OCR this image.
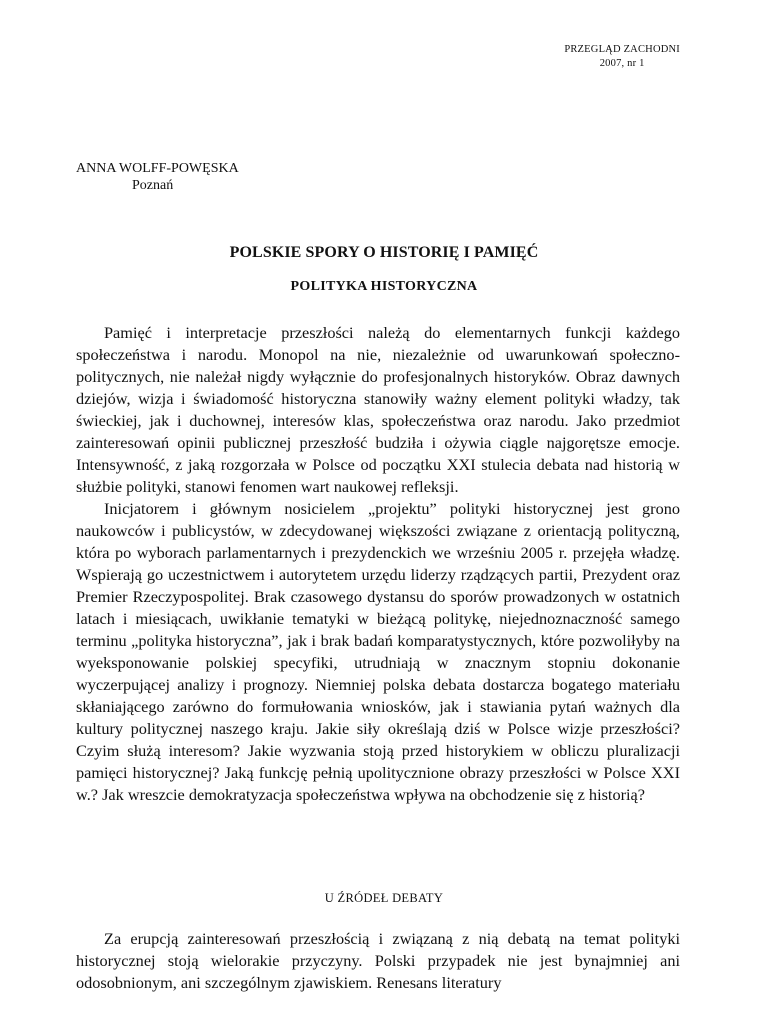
PRZEGLĄD ZACHODNI
2007, nr 1
ANNA WOLFF-POWĘSKA
Poznań
POLSKIE SPORY O HISTORIĘ I PAMIĘĆ
POLITYKA HISTORYCZNA

Pamięć i interpretacje przeszłości należą do elementarnych funkcji każdego społeczeństwa i narodu. Monopol na nie, niezależnie od uwarunkowań społeczno-politycznych, nie należał nigdy wyłącznie do profesjonalnych historyków. Obraz dawnych dziejów, wizja i świadomość historyczna stanowiły ważny element polityki władzy, tak świeckiej, jak i duchownej, interesów klas, społeczeństwa oraz narodu. Jako przedmiot zainteresowań opinii publicznej przeszłość budziła i ożywia ciągle najgorętsze emocje. Intensywność, z jaką rozgorzała w Polsce od początku XXI stulecia debata nad historią w służbie polityki, stanowi fenomen wart naukowej refleksji.

Inicjatorem i głównym nosicielem „projektu” polityki historycznej jest grono naukowców i publicystów, w zdecydowanej większości związane z orientacją polityczną, która po wyborach parlamentarnych i prezydenckich we wrześniu 2005 r. przejęła władzę. Wspierają go uczestnictwem i autorytetem urzędu liderzy rządzących partii, Prezydent oraz Premier Rzeczypospolitej. Brak czasowego dystansu do sporów prowadzonych w ostatnich latach i miesiącach, uwikłanie tematyki w bieżącą politykę, niejednoznaczność samego terminu „polityka historyczna”, jak i brak badań komparatystycznych, które pozwoliłyby na wyeksponowanie polskiej specyfiki, utrudniają w znacznym stopniu dokonanie wyczerpującej analizy i prognozy. Niemniej polska debata dostarcza bogatego materiału skłaniającego zarówno do formułowania wniosków, jak i stawiania pytań ważnych dla kultury politycznej naszego kraju. Jakie siły określają dziś w Polsce wizje przeszłości? Czyim służą interesom? Jakie wyzwania stoją przed historykiem w obliczu pluralizacji pamięci historycznej? Jaką funkcję pełnią upolitycznione obrazy przeszłości w Polsce XXI w.? Jak wreszcie demokratyzacja społeczeństwa wpływa na obchodzenie się z historią?

U ŹRÓDEŁ DEBATY

Za erupcją zainteresowań przeszłością i związaną z nią debatą na temat polityki historycznej stoją wielorakie przyczyny. Polski przypadek nie jest bynajmniej ani odosobnionym, ani szczególnym zjawiskiem. Renesans literatury
